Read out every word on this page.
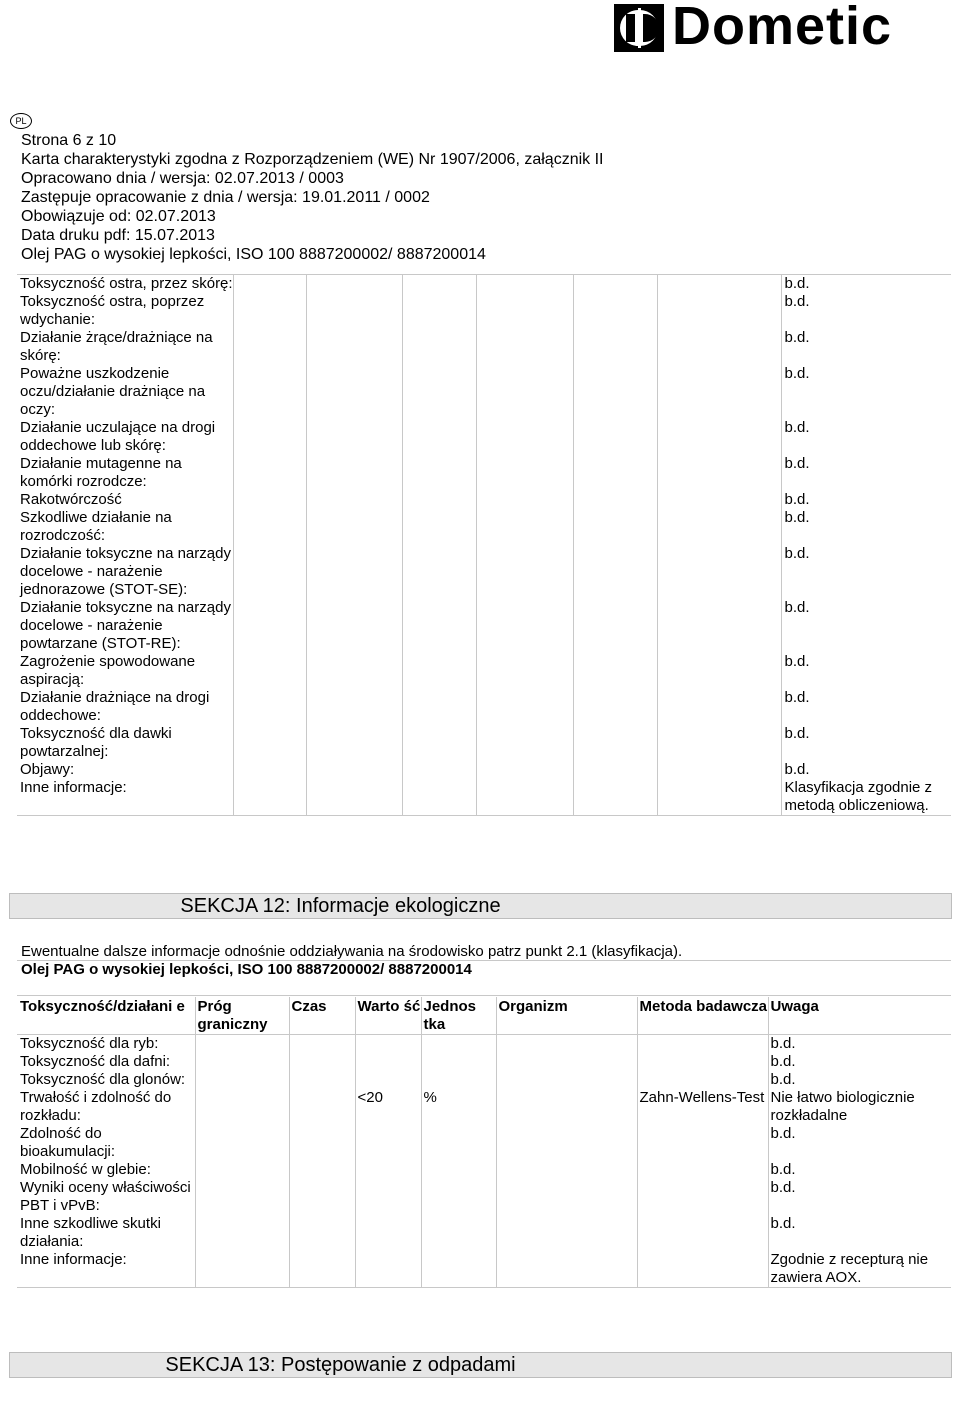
Dometic
PL
Strona 6 z 10
Karta charakterystyki zgodna z Rozporządzeniem (WE) Nr 1907/2006, załącznik II
Opracowano dnia / wersja: 02.07.2013 / 0003
Zastępuje opracowanie z dnia / wersja: 19.01.2011 / 0002
Obowiązuje od: 02.07.2013
Data druku pdf: 15.07.2013
Olej PAG o wysokiej lepkości, ISO 100 8887200002/ 8887200014
Toksyczność ostra, przez skórę:							b.d.
Toksyczność ostra, poprzez wdychanie:							b.d.
Działanie żrące/drażniące na skórę:							b.d.
Poważne uszkodzenie oczu/działanie drażniące na oczy:							b.d.
Działanie uczulające na drogi oddechowe lub skórę:							b.d.
Działanie mutagenne na komórki rozrodcze:							b.d.
Rakotwórczość							b.d.
Szkodliwe działanie na rozrodczość:							b.d.
Działanie toksyczne na narządy docelowe - narażenie jednorazowe (STOT-SE):							b.d.
Działanie toksyczne na narządy docelowe - narażenie powtarzane (STOT-RE):							b.d.
Zagrożenie spowodowane aspiracją:							b.d.
Działanie drażniące na drogi oddechowe:							b.d.
Toksyczność dla dawki powtarzalnej:							b.d.
Objawy:							b.d.
Inne informacje:							Klasyfikacja zgodnie z metodą obliczeniową.
SEKCJA 12: Informacje ekologiczne
Ewentualne dalsze informacje odnośnie oddziaływania na środowisko patrz punkt 2.1 (klasyfikacja).
Olej PAG o wysokiej lepkości, ISO 100 8887200002/ 8887200014
Toksyczność/działani e	Próg graniczny	Czas	Warto ść	Jednos tka	Organizm	Metoda badawcza	Uwaga
Toksyczność dla ryb:							b.d.
Toksyczność dla dafni:							b.d.
Toksyczność dla glonów:							b.d.
Trwałość i zdolność do rozkładu:			<20	%		Zahn-Wellens-Test	Nie łatwo biologicznie rozkładalne
Zdolność do bioakumulacji:							b.d.
Mobilność w glebie:							b.d.
Wyniki oceny właściwości PBT i vPvB:							b.d.
Inne szkodliwe skutki działania:							b.d.
Inne informacje:							Zgodnie z recepturą nie zawiera AOX.
SEKCJA 13: Postępowanie z odpadami
